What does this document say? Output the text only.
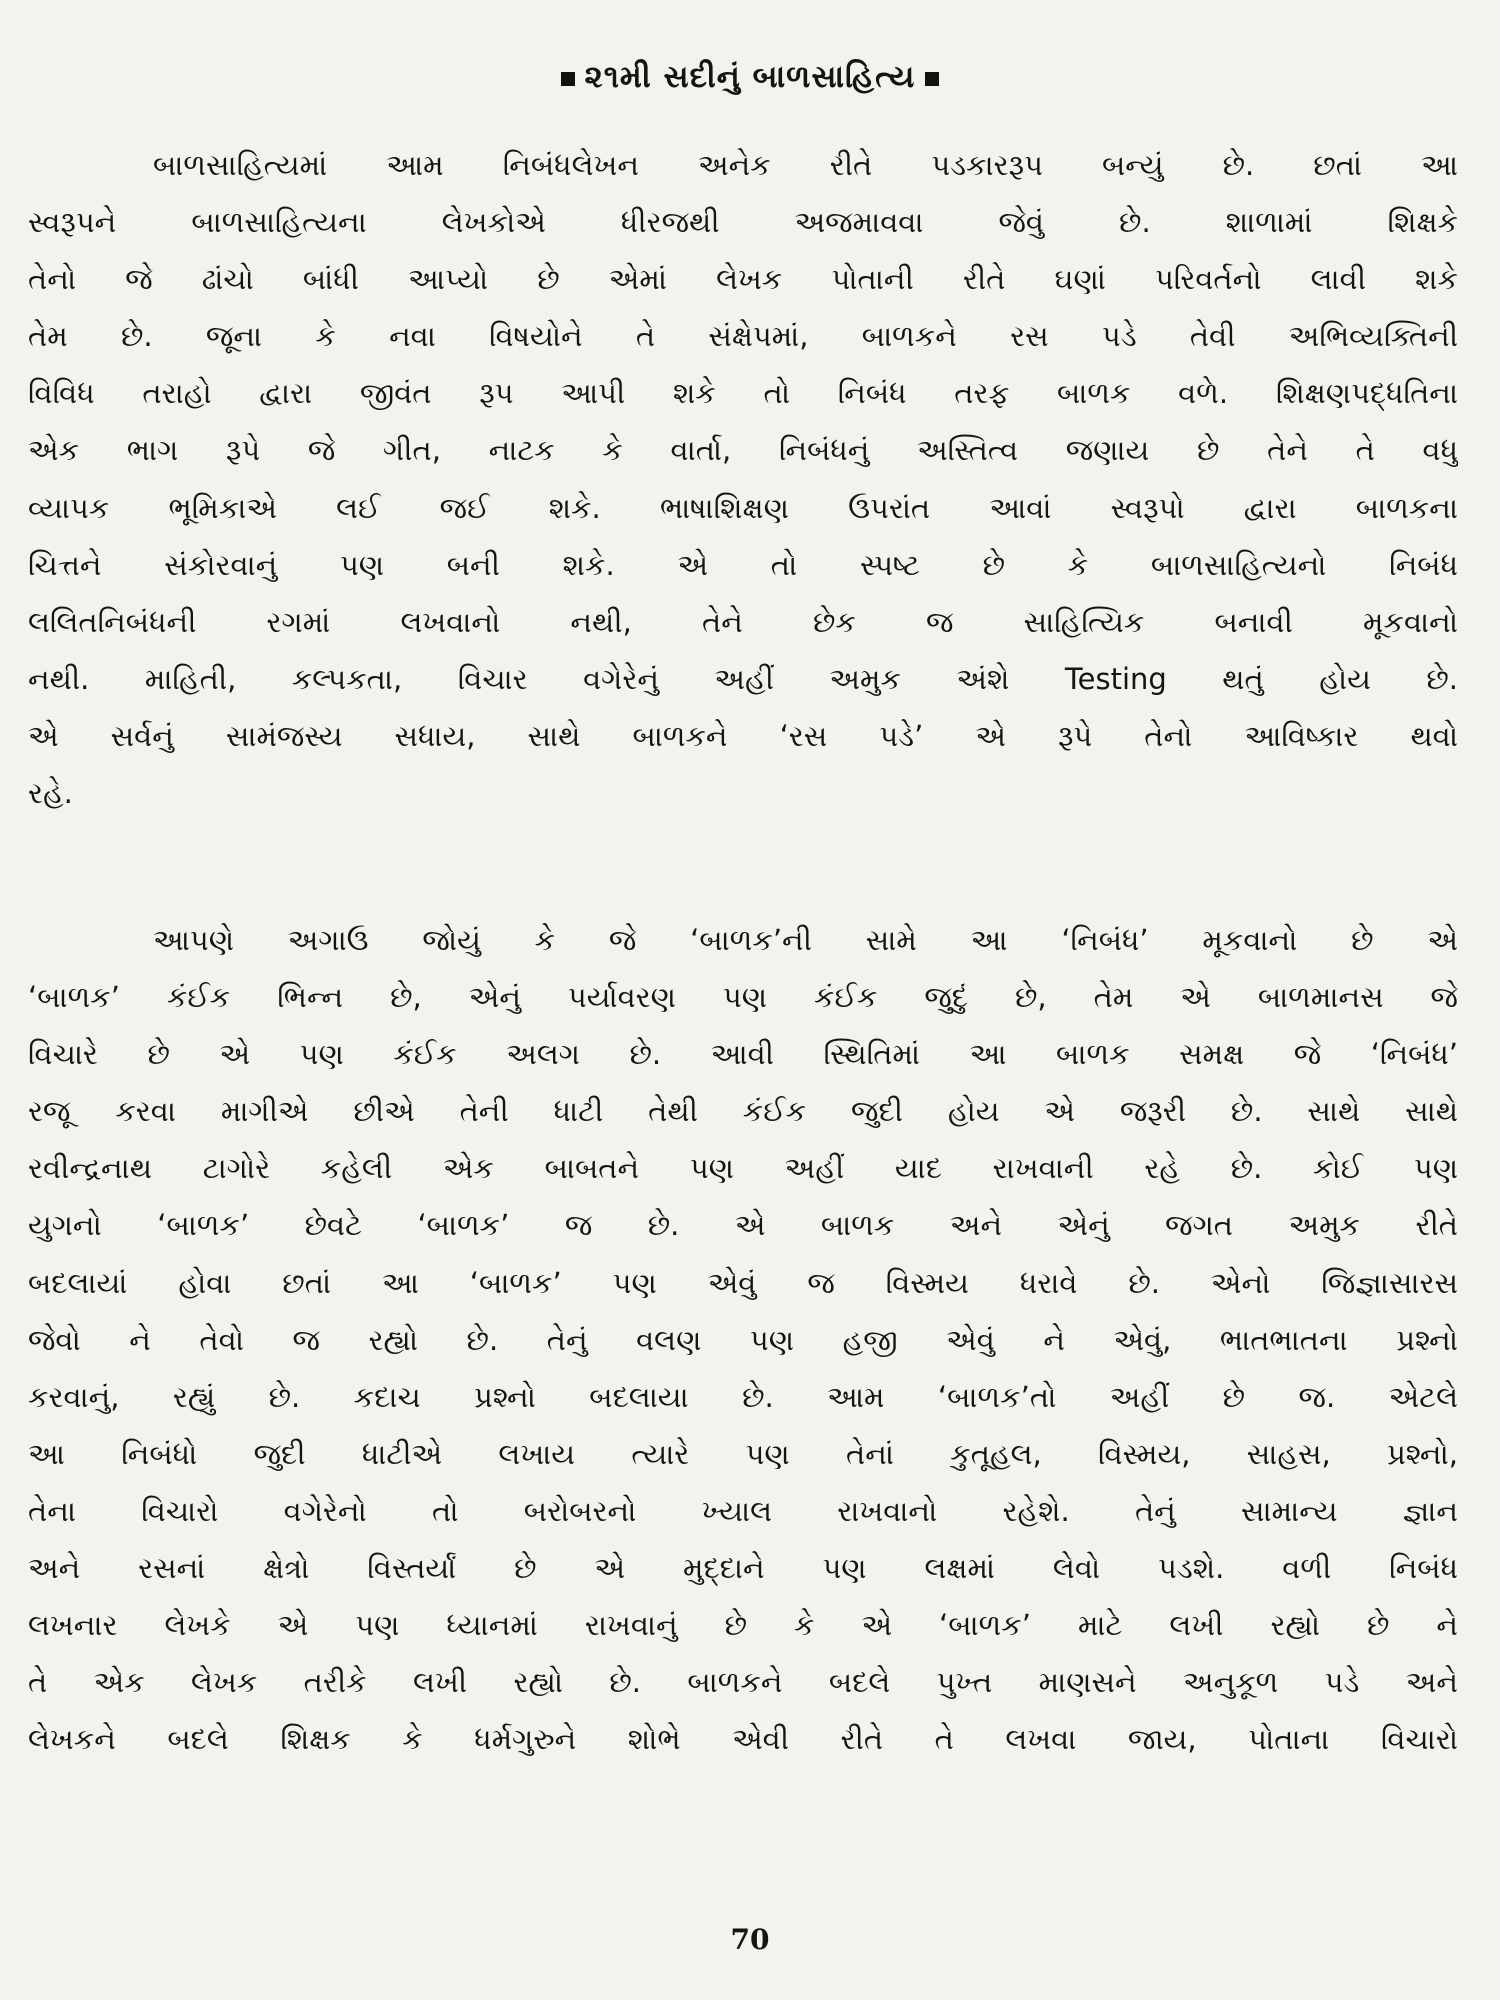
૨૧મી સદીનું બાળસાહિત્ય
બાળસાહિત્યમાં આમ નિબંધલેખન અનેક રીતે પડકારરૂપ બન્યું છે. છતાં આ
સ્વરૂપને બાળસાહિત્યના લેખકોએ ધીરજથી અજમાવવા જેવું છે. શાળામાં શિક્ષકે
તેનો જે ઢાંચો બાંધી આપ્યો છે એમાં લેખક પોતાની રીતે ઘણાં પરિવર્તનો લાવી શકે
તેમ છે. જૂના કે નવા વિષયોને તે સંક્ષેપમાં, બાળકને રસ પડે તેવી અભિવ્યક્તિની
વિવિધ તરાહો દ્વારા જીવંત રૂપ આપી શકે તો નિબંધ તરફ બાળક વળે. શિક્ષણપદ્ધતિના
એક ભાગ રૂપે જે ગીત, નાટક કે વાર્તા, નિબંધનું અસ્તિત્વ જણાય છે તેને તે વધુ
વ્યાપક ભૂમિકાએ લઈ જઈ શકે. ભાષાશિક્ષણ ઉપરાંત આવાં સ્વરૂપો દ્વારા બાળકના
ચિત્તને સંકોરવાનું પણ બની શકે. એ તો સ્પષ્ટ છે કે બાળસાહિત્યનો નિબંધ
લલિતનિબંધની રગમાં લખવાનો નથી, તેને છેક જ સાહિત્યિક બનાવી મૂકવાનો
નથી. માહિતી, કલ્પકતા, વિચાર વગેરેનું અહીં અમુક અંશે Testing થતું હોય છે.
એ સર્વનું સામંજસ્ય સધાય, સાથે બાળકને ‘રસ પડે’ એ રૂપે તેનો આવિષ્કાર થવો
રહે.
આપણે અગાઉ જોયું કે જે ‘બાળક’ની સામે આ ‘નિબંધ’ મૂકવાનો છે એ
‘બાળક’ કંઈક ભિન્ન છે, એનું પર્યાવરણ પણ કંઈક જુદું છે, તેમ એ બાળમાનસ જે
વિચારે છે એ પણ કંઈક અલગ છે. આવી સ્થિતિમાં આ બાળક સમક્ષ જે ‘નિબંધ’
રજૂ કરવા માગીએ છીએ તેની ધાટી તેથી કંઈક જુદી હોય એ જરૂરી છે. સાથે સાથે
રવીન્દ્રનાથ ટાગોરે કહેલી એક બાબતને પણ અહીં યાદ રાખવાની રહે છે. કોઈ પણ
યુગનો ‘બાળક’ છેવટે ‘બાળક’ જ છે. એ બાળક અને એનું જગત અમુક રીતે
બદલાયાં હોવા છતાં આ ‘બાળક’ પણ એવું જ વિસ્મય ધરાવે છે. એનો જિજ્ઞાસારસ
જેવો ને તેવો જ રહ્યો છે. તેનું વલણ પણ હજી એવું ને એવું, ભાતભાતના પ્રશ્નો
કરવાનું, રહ્યું છે. કદાચ પ્રશ્નો બદલાયા છે. આમ ‘બાળક’તો અહીં છે જ. એટલે
આ નિબંધો જુદી ધાટીએ લખાય ત્યારે પણ તેનાં કુતૂહલ, વિસ્મય, સાહસ, પ્રશ્નો,
તેના વિચારો વગેરેનો તો બરોબરનો ખ્યાલ રાખવાનો રહેશે. તેનું સામાન્ય જ્ઞાન
અને રસનાં ક્ષેત્રો વિસ્તર્યાં છે એ મુદ્દાને પણ લક્ષમાં લેવો પડશે. વળી નિબંધ
લખનાર લેખકે એ પણ ધ્યાનમાં રાખવાનું છે કે એ ‘બાળક’ માટે લખી રહ્યો છે ને
તે એક લેખક તરીકે લખી રહ્યો છે. બાળકને બદલે પુખ્ત માણસને અનુકૂળ પડે અને
લેખકને બદલે શિક્ષક કે ધર્મગુરુને શોભે એવી રીતે તે લખવા જાય, પોતાના વિચારો
70
